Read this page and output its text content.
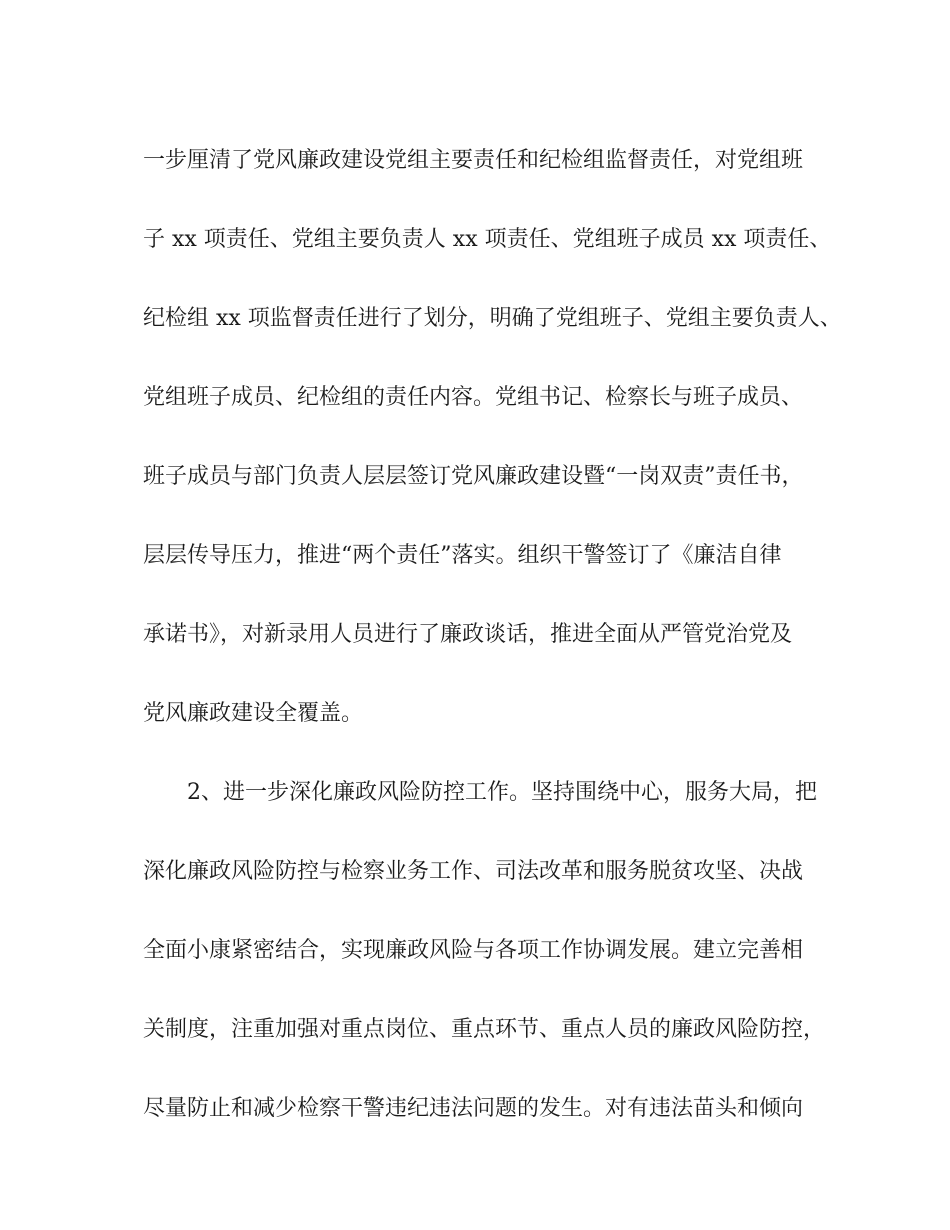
一步厘清了党风廉政建设党组主要责任和纪检组监督责任，对党组班
子 xx 项责任、党组主要负责人 xx 项责任、党组班子成员 xx 项责任、
纪检组 xx 项监督责任进行了划分，明确了党组班子、党组主要负责人、
党组班子成员、纪检组的责任内容。党组书记、检察长与班子成员、
班子成员与部门负责人层层签订党风廉政建设暨“一岗双责”责任书，
层层传导压力，推进“两个责任”落实。组织干警签订了《廉洁自律
承诺书》，对新录用人员进行了廉政谈话，推进全面从严管党治党及
党风廉政建设全覆盖。
2、进一步深化廉政风险防控工作。坚持围绕中心，服务大局，把
深化廉政风险防控与检察业务工作、司法改革和服务脱贫攻坚、决战
全面小康紧密结合，实现廉政风险与各项工作协调发展。建立完善相
关制度，注重加强对重点岗位、重点环节、重点人员的廉政风险防控，
尽量防止和减少检察干警违纪违法问题的发生。对有违法苗头和倾向
